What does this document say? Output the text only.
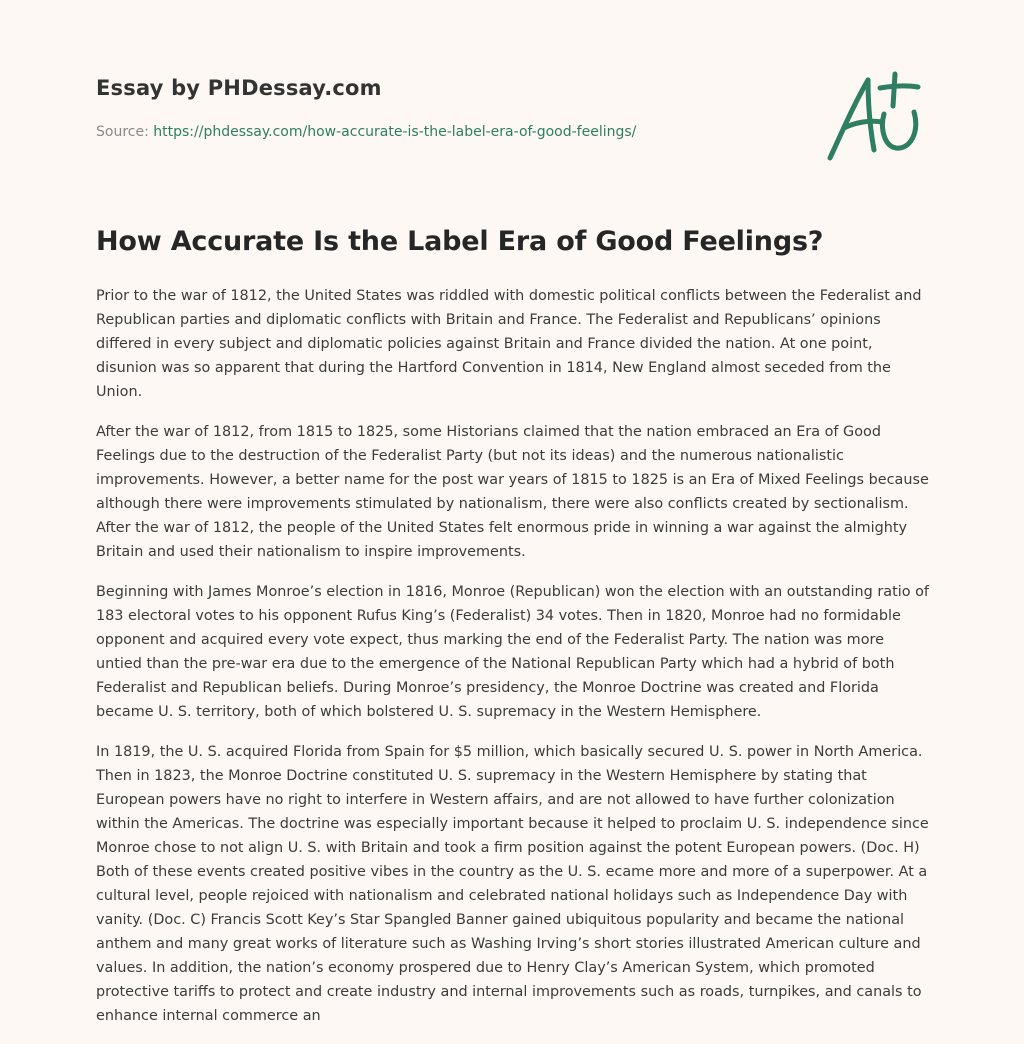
Essay by PHDessay.com

Source: https://phdessay.com/how-accurate-is-the-label-era-of-good-feelings/

How Accurate Is the Label Era of Good Feelings?

Prior to the war of 1812, the United States was riddled with domestic political conflicts between the Federalist and Republican parties and diplomatic conflicts with Britain and France. The Federalist and Republicans’ opinions differed in every subject and diplomatic policies against Britain and France divided the nation. At one point, disunion was so apparent that during the Hartford Convention in 1814, New England almost seceded from the Union.

After the war of 1812, from 1815 to 1825, some Historians claimed that the nation embraced an Era of Good Feelings due to the destruction of the Federalist Party (but not its ideas) and the numerous nationalistic improvements. However, a better name for the post war years of 1815 to 1825 is an Era of Mixed Feelings because although there were improvements stimulated by nationalism, there were also conflicts created by sectionalism. After the war of 1812, the people of the United States felt enormous pride in winning a war against the almighty Britain and used their nationalism to inspire improvements.

Beginning with James Monroe’s election in 1816, Monroe (Republican) won the election with an outstanding ratio of 183 electoral votes to his opponent Rufus King’s (Federalist) 34 votes. Then in 1820, Monroe had no formidable opponent and acquired every vote expect, thus marking the end of the Federalist Party. The nation was more untied than the pre-war era due to the emergence of the National Republican Party which had a hybrid of both Federalist and Republican beliefs. During Monroe’s presidency, the Monroe Doctrine was created and Florida became U. S. territory, both of which bolstered U. S. supremacy in the Western Hemisphere.

In 1819, the U. S. acquired Florida from Spain for $5 million, which basically secured U. S. power in North America. Then in 1823, the Monroe Doctrine constituted U. S. supremacy in the Western Hemisphere by stating that European powers have no right to interfere in Western affairs, and are not allowed to have further colonization within the Americas. The doctrine was especially important because it helped to proclaim U. S. independence since Monroe chose to not align U. S. with Britain and took a firm position against the potent European powers. (Doc. H) Both of these events created positive vibes in the country as the U. S. ecame more and more of a superpower. At a cultural level, people rejoiced with nationalism and celebrated national holidays such as Independence Day with vanity. (Doc. C) Francis Scott Key’s Star Spangled Banner gained ubiquitous popularity and became the national anthem and many great works of literature such as Washing Irving’s short stories illustrated American culture and values. In addition, the nation’s economy prospered due to Henry Clay’s American System, which promoted protective tariffs to protect and create industry and internal improvements such as roads, turnpikes, and canals to enhance internal commerce an
